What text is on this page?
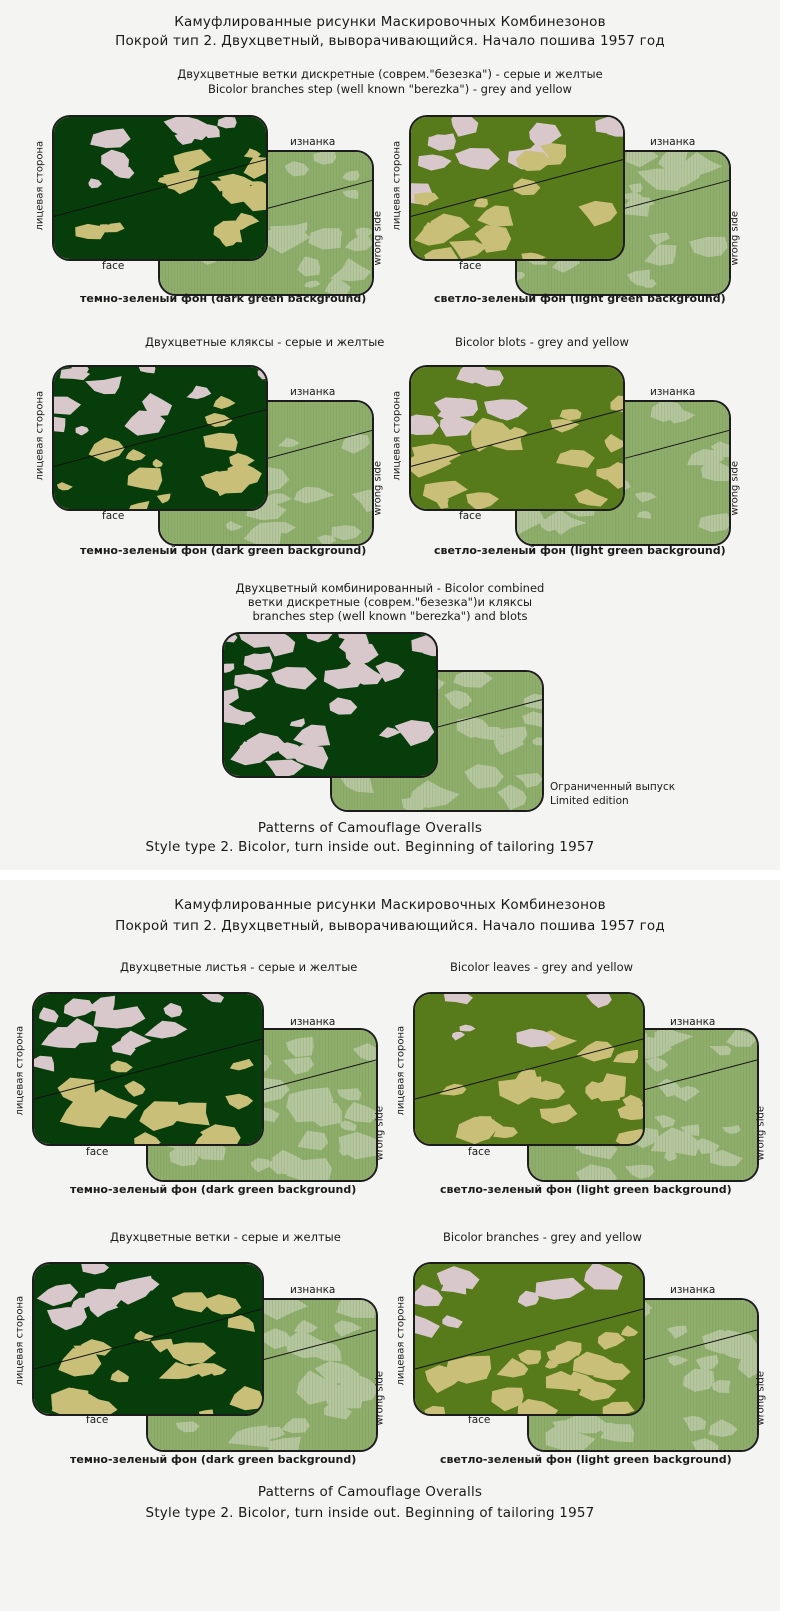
Камуфлированные рисунки Маскировочных Комбинезонов
Покрой тип 2. Двухцветный, выворачивающийся. Начало пошива 1957 год
Двухцветные ветки дискретные (соврем."безезка") - серые и желтые
Bicolor branches step (well known "berezka") - grey and yellow
изнанка
лицевая сторона
wrong side
face
темно-зеленый фон (dark green background)
изнанка
лицевая сторона
wrong side
face
светло-зеленый фон (light green background)
Двухцветные кляксы - серые и желтые	Bicolor blots - grey and yellow
изнанка
лицевая сторона
wrong side
face
темно-зеленый фон (dark green background)
изнанка
лицевая сторона
wrong side
face
светло-зеленый фон (light green background)
Двухцветный комбинированный - Bicolor combined
ветки дискретные (соврем."безезка")и кляксы
branches step (well known "berezka") and blots
Ограниченный выпуск
Limited edition
Patterns of Camouflage Overalls
Style type 2. Bicolor, turn inside out. Beginning of tailoring 1957
Камуфлированные рисунки Маскировочных Комбинезонов
Покрой тип 2. Двухцветный, выворачивающийся. Начало пошива 1957 год
Двухцветные листья - серые и желтые	Bicolor leaves - grey and yellow
изнанка
лицевая сторона
wrong side
face
темно-зеленый фон (dark green background)
изнанка
лицевая сторона
wrong side
face
светло-зеленый фон (light green background)
Двухцветные ветки - серые и желтые	Bicolor branches - grey and yellow
изнанка
лицевая сторона
wrong side
face
темно-зеленый фон (dark green background)
изнанка
лицевая сторона
wrong side
face
светло-зеленый фон (light green background)
Patterns of Camouflage Overalls
Style type 2. Bicolor, turn inside out. Beginning of tailoring 1957
